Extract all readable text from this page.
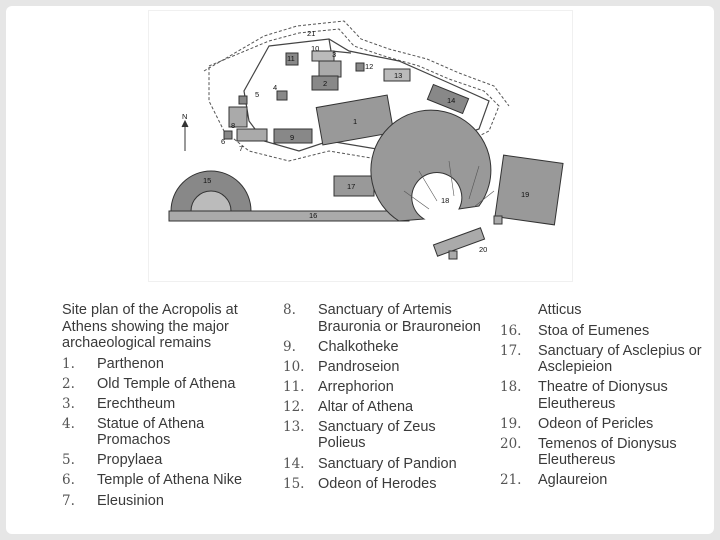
21
10
11	3
2
12
13
4
5
14
1
N
8
6	9
7
15
17
18
19
16
20

Site plan of the Acropolis at Athens showing the major archaeological remains

1. Parthenon
2. Old Temple of Athena
3. Erechtheum
4. Statue of Athena Promachos
5. Propylaea
6. Temple of Athena Nike
7. Eleusinion
8. Sanctuary of Artemis Brauronia or Brauroneion
9. Chalkotheke
10. Pandroseion
11. Arrephorion
12. Altar of Athena
13. Sanctuary of Zeus Polieus
14. Sanctuary of Pandion
15. Odeon of Herodes

Atticus

16. Stoa of Eumenes
17. Sanctuary of Asclepius or Asclepieion
18. Theatre of Dionysus Eleuthereus
19. Odeon of Pericles
20. Temenos of Dionysus Eleuthereus
21. Aglaureion
